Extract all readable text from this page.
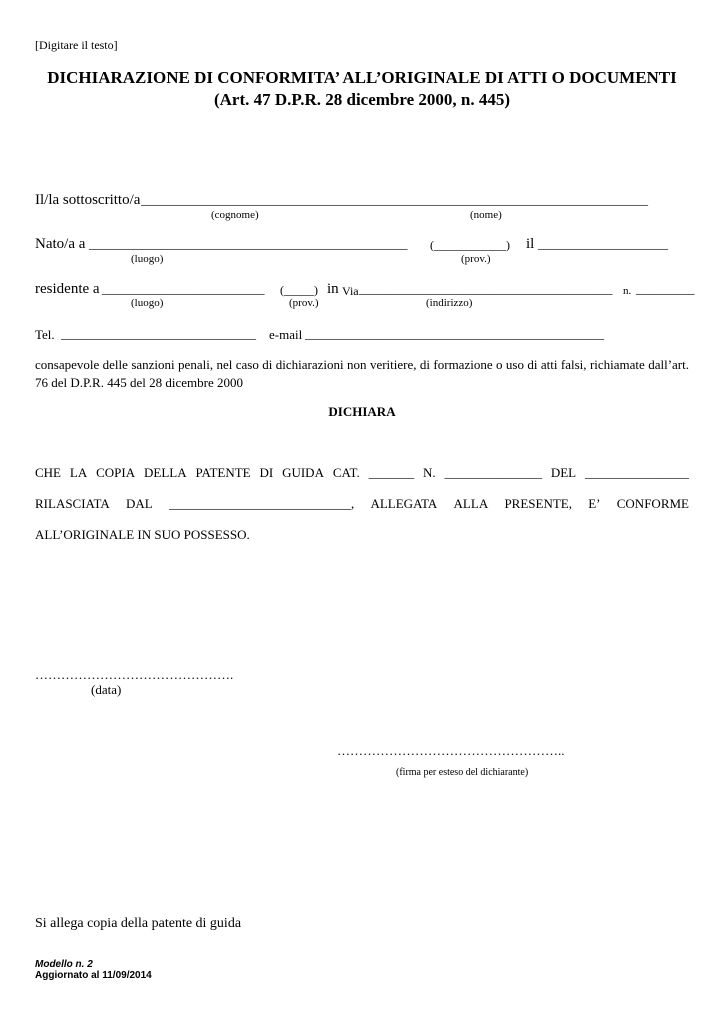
[Digitare il testo]
DICHIARAZIONE DI CONFORMITA’ ALL’ORIGINALE DI ATTI O DOCUMENTI
(Art. 47 D.P.R. 28 dicembre 2000, n. 445)
Il/la sottoscritto/a ______________________________________________________________________________
(cognome)	(nome)
Nato/a a _________________________________________________ (____________) il ____________________
(luogo)	(prov.)
residente a _________________________ (_____) in Via _______________________________________ n. _________
(luogo)	(prov.)	(indirizzo)
Tel. ______________________________ e-mail ______________________________________________
consapevole delle sanzioni penali, nel caso di dichiarazioni non veritiere, di formazione o uso di atti falsi, richiamate dall’art. 76 del D.P.R. 445 del 28 dicembre 2000
DICHIARA
CHE LA COPIA DELLA PATENTE DI GUIDA CAT. _______ N. _______________ DEL ________________
RILASCIATA DAL ____________________________, ALLEGATA ALLA PRESENTE, E’ CONFORME
ALL’ORIGINALE IN SUO POSSESSO.
……………………………………….
(data)
……………………………………………..
(firma per esteso del dichiarante)
Si allega copia della patente di guida
Modello n. 2
Aggiornato al 11/09/2014
